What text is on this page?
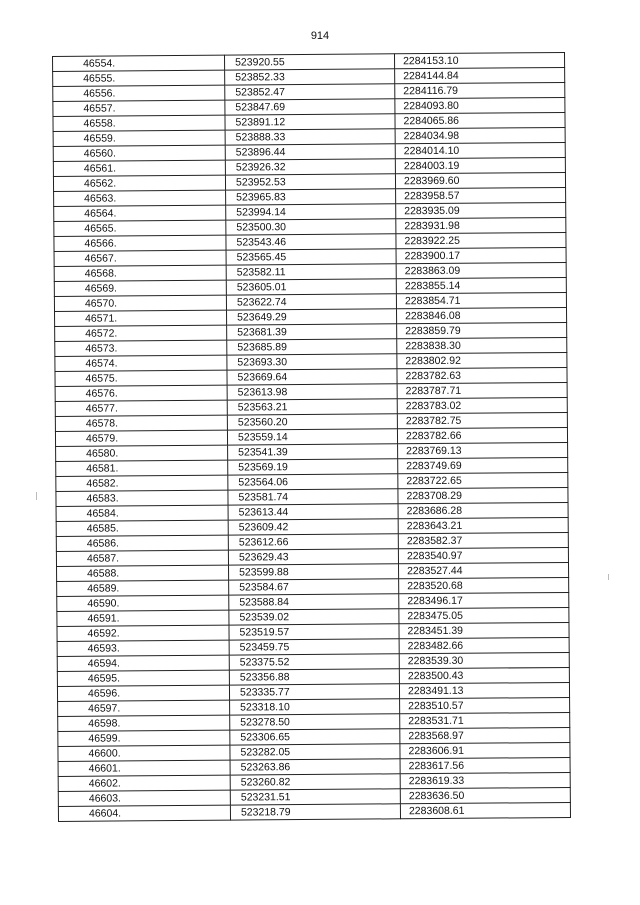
914
46554.	523920.55	2284153.10
46555.	523852.33	2284144.84
46556.	523852.47	2284116.79
46557.	523847.69	2284093.80
46558.	523891.12	2284065.86
46559.	523888.33	2284034.98
46560.	523896.44	2284014.10
46561.	523926.32	2284003.19
46562.	523952.53	2283969.60
46563.	523965.83	2283958.57
46564.	523994.14	2283935.09
46565.	523500.30	2283931.98
46566.	523543.46	2283922.25
46567.	523565.45	2283900.17
46568.	523582.11	2283863.09
46569.	523605.01	2283855.14
46570.	523622.74	2283854.71
46571.	523649.29	2283846.08
46572.	523681.39	2283859.79
46573.	523685.89	2283838.30
46574.	523693.30	2283802.92
46575.	523669.64	2283782.63
46576.	523613.98	2283787.71
46577.	523563.21	2283783.02
46578.	523560.20	2283782.75
46579.	523559.14	2283782.66
46580.	523541.39	2283769.13
46581.	523569.19	2283749.69
46582.	523564.06	2283722.65
46583.	523581.74	2283708.29
46584.	523613.44	2283686.28
46585.	523609.42	2283643.21
46586.	523612.66	2283582.37
46587.	523629.43	2283540.97
46588.	523599.88	2283527.44
46589.	523584.67	2283520.68
46590.	523588.84	2283496.17
46591.	523539.02	2283475.05
46592.	523519.57	2283451.39
46593.	523459.75	2283482.66
46594.	523375.52	2283539.30
46595.	523356.88	2283500.43
46596.	523335.77	2283491.13
46597.	523318.10	2283510.57
46598.	523278.50	2283531.71
46599.	523306.65	2283568.97
46600.	523282.05	2283606.91
46601.	523263.86	2283617.56
46602.	523260.82	2283619.33
46603.	523231.51	2283636.50
46604.	523218.79	2283608.61
